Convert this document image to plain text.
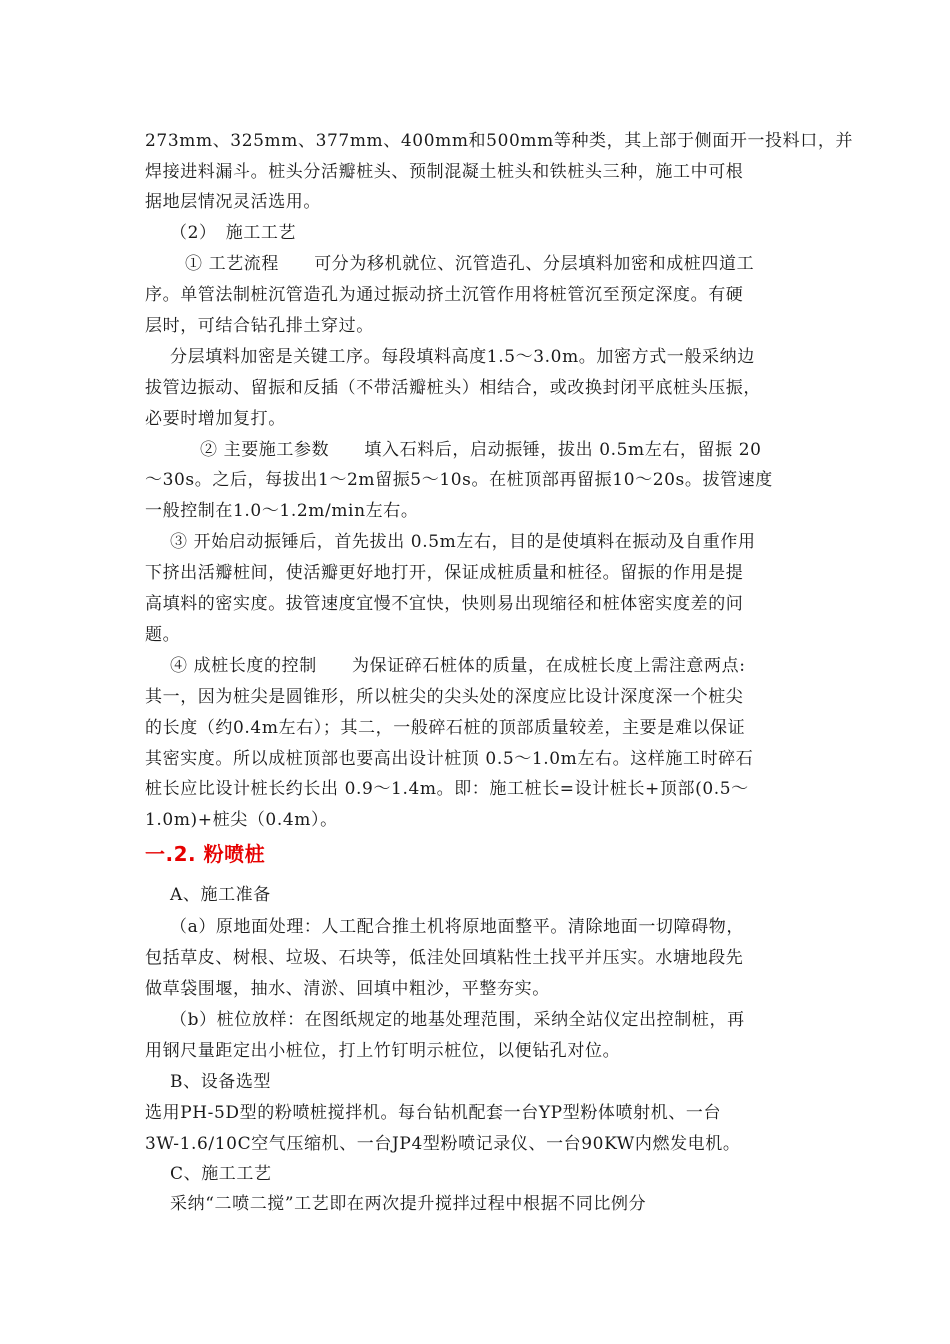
273mm、325mm、377mm、400mm和500mm等种类，其上部于侧面开一投料口，并
焊接进料漏斗。桩头分活瓣桩头、预制混凝土桩头和铁桩头三种，施工中可根
据地层情况灵活选用。
（2）　施工工艺
① 工艺流程　　可分为移机就位、沉管造孔、分层填料加密和成桩四道工
序。单管法制桩沉管造孔为通过振动挤土沉管作用将桩管沉至预定深度。有硬
层时，可结合钻孔排土穿过。
分层填料加密是关键工序。每段填料高度1.5～3.0m。加密方式一般采纳边
拔管边振动、留振和反插（不带活瓣桩头）相结合，或改换封闭平底桩头压振，
必要时增加复打。
② 主要施工参数　　填入石料后，启动振锤，拔出 0.5m左右，留振 20
～30s。之后，每拔出1～2m留振5～10s。在桩顶部再留振10～20s。拔管速度
一般控制在1.0～1.2m/min左右。
③ 开始启动振锤后，首先拔出 0.5m左右，目的是使填料在振动及自重作用
下挤出活瓣桩间，使活瓣更好地打开，保证成桩质量和桩径。留振的作用是提
高填料的密实度。拔管速度宜慢不宜快，快则易出现缩径和桩体密实度差的问
题。
④ 成桩长度的控制　　为保证碎石桩体的质量，在成桩长度上需注意两点:
其一，因为桩尖是圆锥形，所以桩尖的尖头处的深度应比设计深度深一个桩尖
的长度（约0.4m左右）；其二，一般碎石桩的顶部质量较差，主要是难以保证
其密实度。所以成桩顶部也要高出设计桩顶 0.5～1.0m左右。这样施工时碎石
桩长应比设计桩长约长出 0.9～1.4m。即：施工桩长=设计桩长+顶部(0.5～
1.0m)+桩尖（0.4m）。
一.2. 粉喷桩
A、施工准备
（a）原地面处理：人工配合推土机将原地面整平。清除地面一切障碍物，
包括草皮、树根、垃圾、石块等，低洼处回填粘性土找平并压实。水塘地段先
做草袋围堰，抽水、清淤、回填中粗沙，平整夯实。
（b）桩位放样：在图纸规定的地基处理范围，采纳全站仪定出控制桩，再
用钢尺量距定出小桩位，打上竹钉明示桩位，以便钻孔对位。
B、设备选型
选用PH-5D型的粉喷桩搅拌机。每台钻机配套一台YP型粉体喷射机、一台
3W-1.6/10C空气压缩机、一台JP4型粉喷记录仪、一台90KW内燃发电机。
C、施工工艺
采纳“二喷二搅”工艺即在两次提升搅拌过程中根据不同比例分
